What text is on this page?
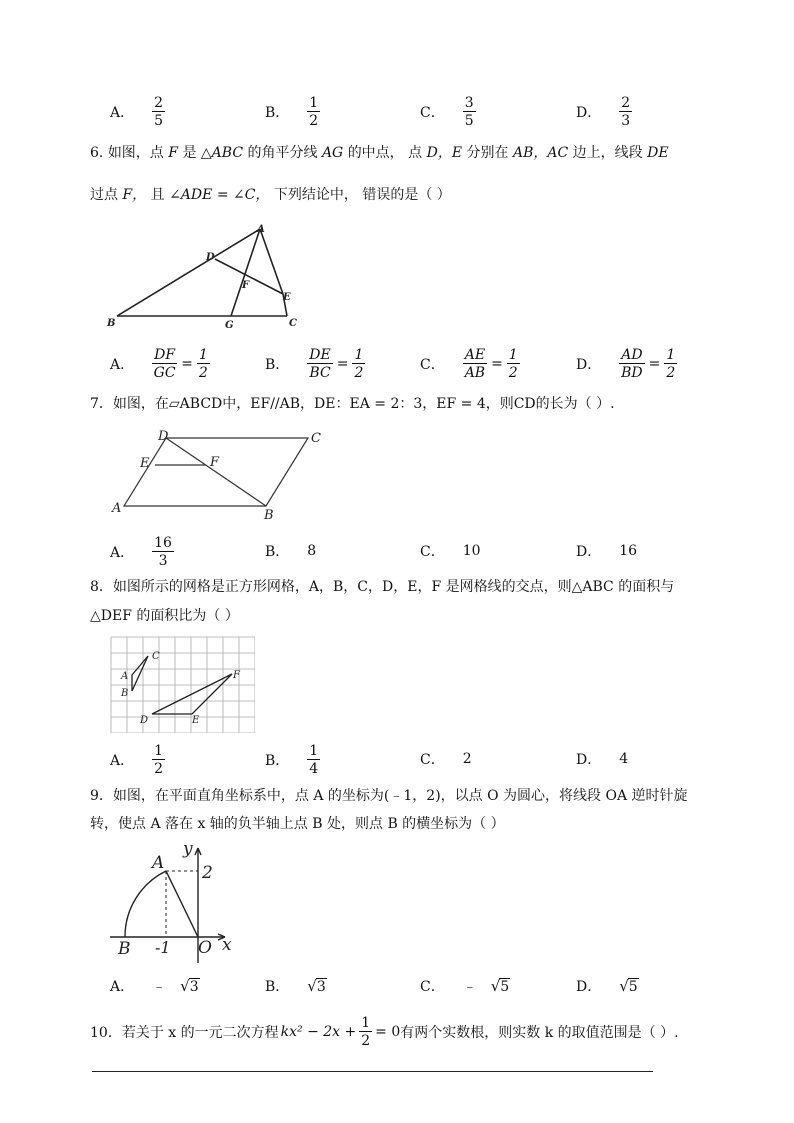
A． $\frac{2}{5}$	B． $\frac{1}{2}$	C． $\frac{3}{5}$	D． $\frac{2}{3}$
6. 如图，点 F 是 △ABC 的角平分线 AG 的中点， 点 D，E 分别在 AB，AC 边上，线段 DE
过点 F， 且 ∠ADE = ∠C， 下列结论中， 错误的是（ ）
A
B	C
D
E
F
G
A． $\frac{DF}{GC} = \frac{1}{2}$	B． $\frac{DE}{BC} = \frac{1}{2}$	C． $\frac{AE}{AB} = \frac{1}{2}$	D． $\frac{AD}{BD} = \frac{1}{2}$
7．如图，在▱ABCD中，EF//AB，DE：EA = 2：3，EF = 4，则CD的长为（ ）.
A	B
C
D
E	F
A． $\frac{16}{3}$	B． 8	C． 10	D． 16
8．如图所示的网格是正方形网格，A，B，C，D，E，F 是网格线的交点，则△ABC 的面积与
△DEF 的面积比为（ ）
A
B
C
D	E
F
A． $\frac{1}{2}$	B． $\frac{1}{4}$	C． 2	D． 4
9．如图，在平面直角坐标系中，点 A 的坐标为(﹣1，2)，以点 O 为圆心，将线段 OA 逆时针旋
转，使点 A 落在 x 轴的负半轴上点 B 处，则点 B 的横坐标为（ ）
A
B	O x
y
2
-1
A． ﹣ √ 3	B． √ 3	C． ﹣ √ 5	D． √ 5
10．若关于 x 的一元二次方程 $kx^2 - 2x + \frac{1}{2} = 0$ 有两个实数根，则实数 k 的取值范围是（ ）.
